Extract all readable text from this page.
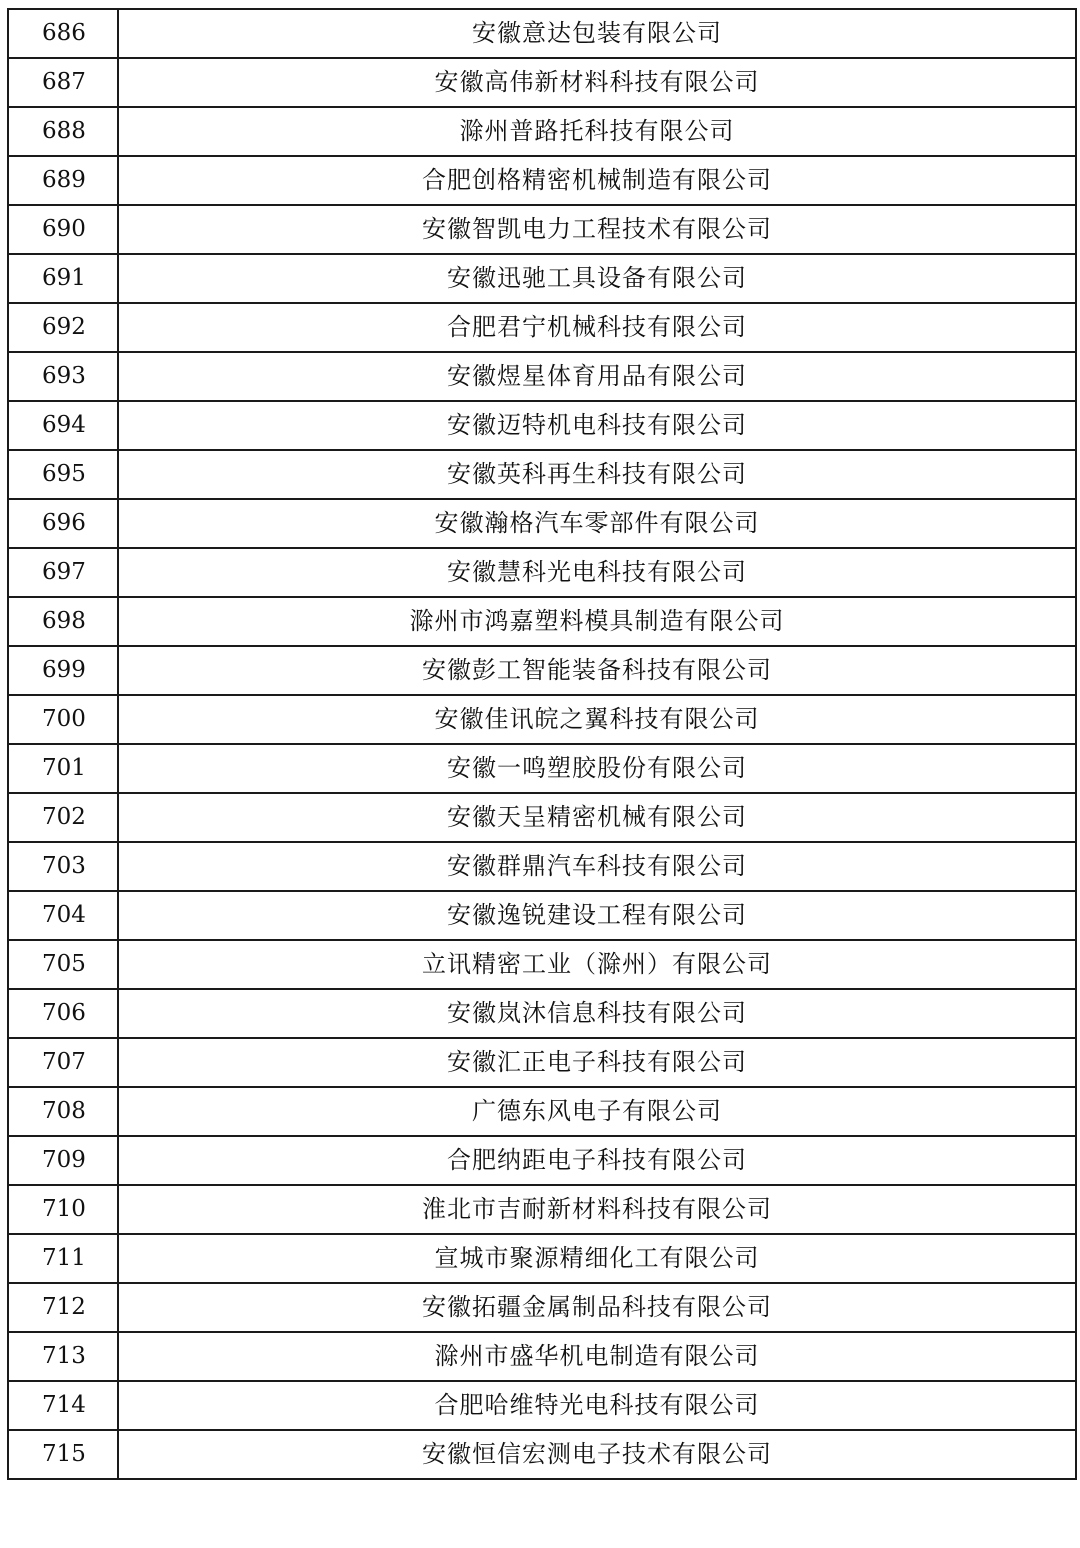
686	安徽意达包装有限公司
687	安徽高伟新材料科技有限公司
688	滁州普路托科技有限公司
689	合肥创格精密机械制造有限公司
690	安徽智凯电力工程技术有限公司
691	安徽迅驰工具设备有限公司
692	合肥君宁机械科技有限公司
693	安徽煜星体育用品有限公司
694	安徽迈特机电科技有限公司
695	安徽英科再生科技有限公司
696	安徽瀚格汽车零部件有限公司
697	安徽慧科光电科技有限公司
698	滁州市鸿嘉塑料模具制造有限公司
699	安徽彭工智能装备科技有限公司
700	安徽佳讯皖之翼科技有限公司
701	安徽一鸣塑胶股份有限公司
702	安徽天呈精密机械有限公司
703	安徽群鼎汽车科技有限公司
704	安徽逸锐建设工程有限公司
705	立讯精密工业（滁州）有限公司
706	安徽岚沐信息科技有限公司
707	安徽汇正电子科技有限公司
708	广德东风电子有限公司
709	合肥纳距电子科技有限公司
710	淮北市吉耐新材料科技有限公司
711	宣城市聚源精细化工有限公司
712	安徽拓疆金属制品科技有限公司
713	滁州市盛华机电制造有限公司
714	合肥哈维特光电科技有限公司
715	安徽恒信宏测电子技术有限公司
